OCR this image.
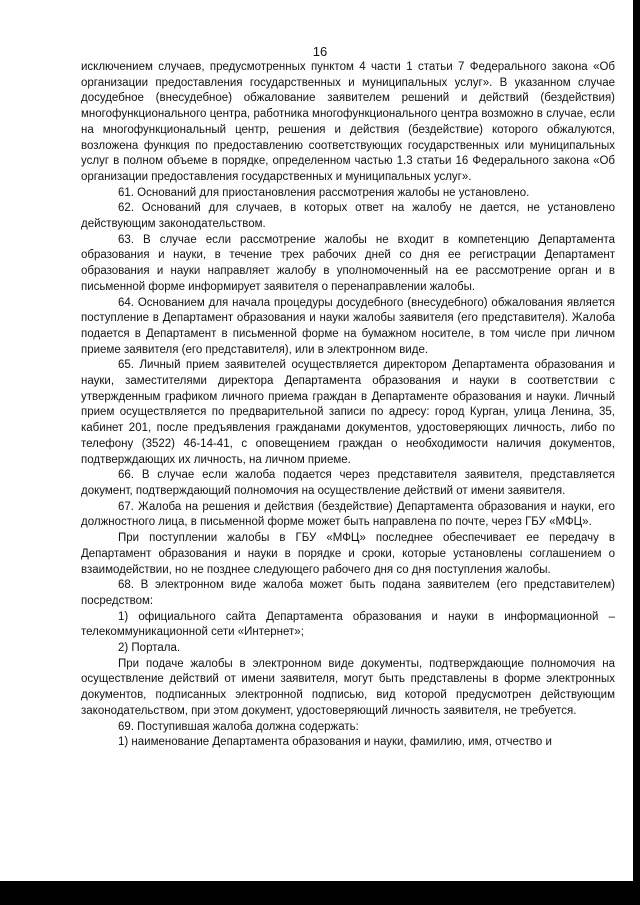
16

исключением случаев, предусмотренных пунктом 4 части 1 статьи 7 Федерального закона «Об организации предоставления государственных и муниципальных услуг». В указанном случае досудебное (внесудебное) обжалование заявителем решений и действий (бездействия) многофункционального центра, работника многофункционального центра возможно в случае, если на многофункциональный центр, решения и действия (бездействие) которого обжалуются, возложена функция по предоставлению соответствующих государственных или муниципальных услуг в полном объеме в порядке, определенном частью 1.3 статьи 16 Федерального закона «Об организации предоставления государственных и муниципальных услуг».

61. Оснований для приостановления рассмотрения жалобы не установлено.

62. Оснований для случаев, в которых ответ на жалобу не дается, не установлено действующим законодательством.

63. В случае если рассмотрение жалобы не входит в компетенцию Департамента образования и науки, в течение трех рабочих дней со дня ее регистрации Департамент образования и науки направляет жалобу в уполномоченный на ее рассмотрение орган и в письменной форме информирует заявителя о перенаправлении жалобы.

64. Основанием для начала процедуры досудебного (внесудебного) обжалования является поступление в Департамент образования и науки жалобы заявителя (его представителя). Жалоба подается в Департамент в письменной форме на бумажном носителе, в том числе при личном приеме заявителя (его представителя), или в электронном виде.

65. Личный прием заявителей осуществляется директором Департамента образования и науки, заместителями директора Департамента образования и науки в соответствии с утвержденным графиком личного приема граждан в Департаменте образования и науки. Личный прием осуществляется по предварительной записи по адресу: город Курган, улица Ленина, 35, кабинет 201, после предъявления гражданами документов, удостоверяющих личность, либо по телефону (3522) 46-14-41, с оповещением граждан о необходимости наличия документов, подтверждающих их личность, на личном приеме.

66. В случае если жалоба подается через представителя заявителя, представляется документ, подтверждающий полномочия на осуществление действий от имени заявителя.

67. Жалоба на решения и действия (бездействие) Департамента образования и науки, его должностного лица, в письменной форме может быть направлена по почте, через ГБУ «МФЦ».

При поступлении жалобы в ГБУ «МФЦ» последнее обеспечивает ее передачу в Департамент образования и науки в порядке и сроки, которые установлены соглашением о взаимодействии, но не позднее следующего рабочего дня со дня поступления жалобы.

68. В электронном виде жалоба может быть подана заявителем (его представителем) посредством:

1) официального сайта Департамента образования и науки в информационной – телекоммуникационной сети «Интернет»;

2) Портала.

При подаче жалобы в электронном виде документы, подтверждающие полномочия на осуществление действий от имени заявителя, могут быть представлены в форме электронных документов, подписанных электронной подписью, вид которой предусмотрен действующим законодательством, при этом документ, удостоверяющий личность заявителя, не требуется.

69. Поступившая жалоба должна содержать:

1) наименование Департамента образования и науки, фамилию, имя, отчество и
